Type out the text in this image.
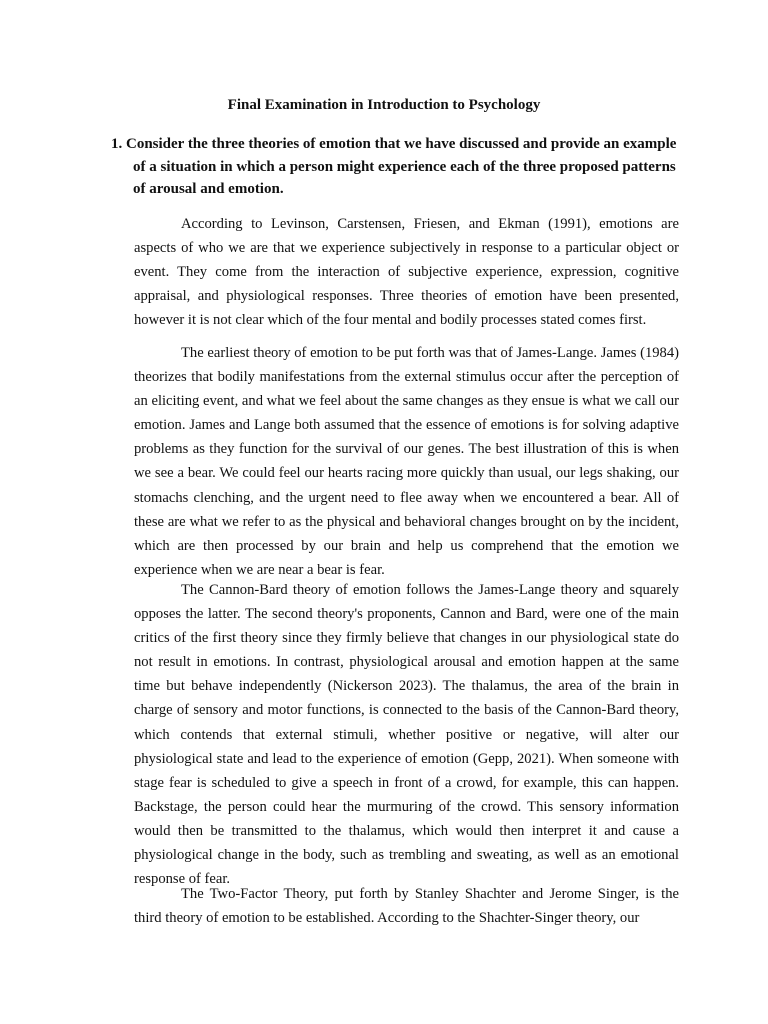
Final Examination in Introduction to Psychology

1. Consider the three theories of emotion that we have discussed and provide an example of a situation in which a person might experience each of the three proposed patterns of arousal and emotion.

According to Levinson, Carstensen, Friesen, and Ekman (1991), emotions are aspects of who we are that we experience subjectively in response to a particular object or event. They come from the interaction of subjective experience, expression, cognitive appraisal, and physiological responses. Three theories of emotion have been presented, however it is not clear which of the four mental and bodily processes stated comes first.

The earliest theory of emotion to be put forth was that of James-Lange. James (1984) theorizes that bodily manifestations from the external stimulus occur after the perception of an eliciting event, and what we feel about the same changes as they ensue is what we call our emotion. James and Lange both assumed that the essence of emotions is for solving adaptive problems as they function for the survival of our genes. The best illustration of this is when we see a bear. We could feel our hearts racing more quickly than usual, our legs shaking, our stomachs clenching, and the urgent need to flee away when we encountered a bear. All of these are what we refer to as the physical and behavioral changes brought on by the incident, which are then processed by our brain and help us comprehend that the emotion we experience when we are near a bear is fear.

The Cannon-Bard theory of emotion follows the James-Lange theory and squarely opposes the latter. The second theory's proponents, Cannon and Bard, were one of the main critics of the first theory since they firmly believe that changes in our physiological state do not result in emotions. In contrast, physiological arousal and emotion happen at the same time but behave independently (Nickerson 2023). The thalamus, the area of the brain in charge of sensory and motor functions, is connected to the basis of the Cannon-Bard theory, which contends that external stimuli, whether positive or negative, will alter our physiological state and lead to the experience of emotion (Gepp, 2021). When someone with stage fear is scheduled to give a speech in front of a crowd, for example, this can happen. Backstage, the person could hear the murmuring of the crowd. This sensory information would then be transmitted to the thalamus, which would then interpret it and cause a physiological change in the body, such as trembling and sweating, as well as an emotional response of fear.

The Two-Factor Theory, put forth by Stanley Shachter and Jerome Singer, is the third theory of emotion to be established. According to the Shachter-Singer theory, our
